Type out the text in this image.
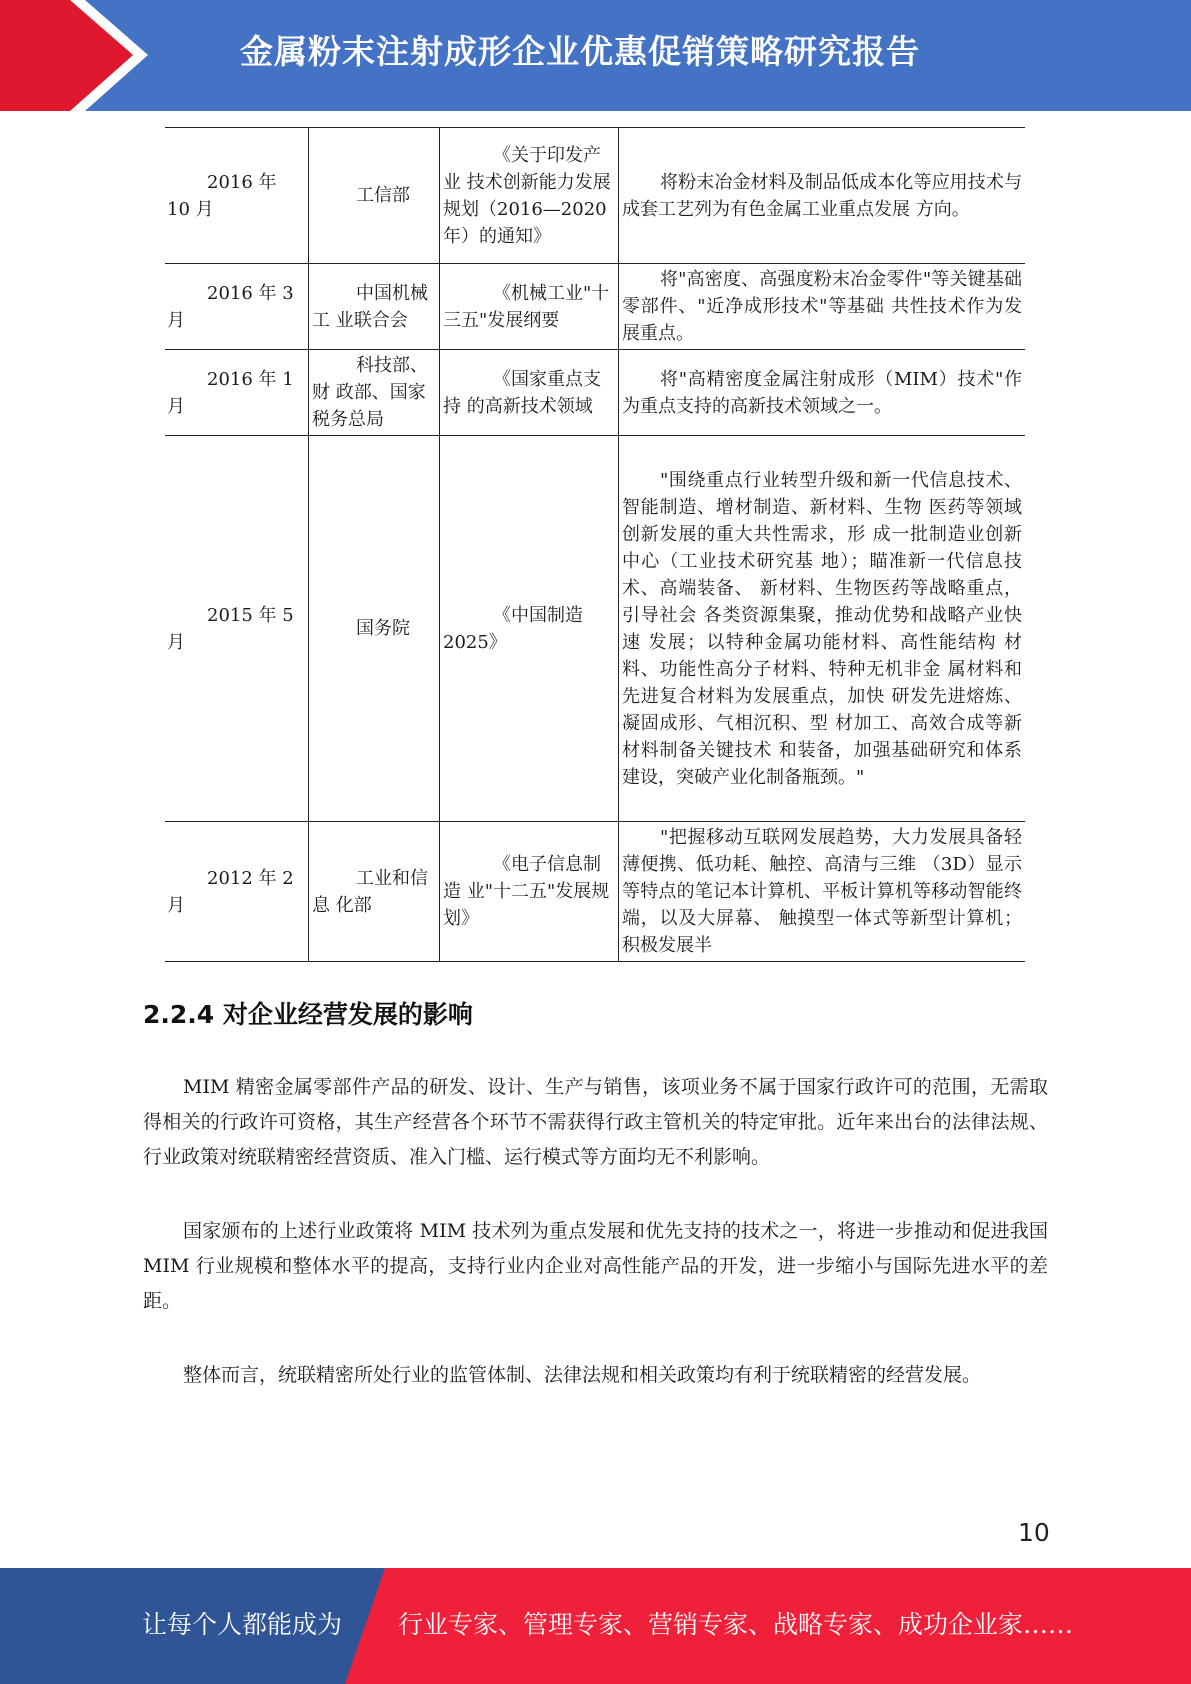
金属粉末注射成形企业优惠促销策略研究报告
2016 年 10 月	工信部	《关于印发产业 技术创新能力发展规划（2016—2020 年）的通知》	将粉末冶金材料及制品低成本化等应用技术与成套工艺列为有色金属工业重点发展 方向。
2016 年 3 月	中国机械工 业联合会	《机械工业"十 三五"发展纲要	将"高密度、高强度粉末冶金零件"等关键基础零部件、"近净成形技术"等基础 共性技术作为发展重点。
2016 年 1 月	科技部、财 政部、国家 税务总局	《国家重点支持 的高新技术领域	将"高精密度金属注射成形（MIM）技术"作为重点支持的高新技术领域之一。
2015 年 5 月	国务院	《中国制造 2025》	"围绕重点行业转型升级和新一代信息技术、智能制造、增材制造、新材料、生物 医药等领域创新发展的重大共性需求，形 成一批制造业创新中心（工业技术研究基 地）；瞄准新一代信息技术、高端装备、 新材料、生物医药等战略重点，引导社会 各类资源集聚，推动优势和战略产业快速 发展；以特种金属功能材料、高性能结构 材料、功能性高分子材料、特种无机非金 属材料和先进复合材料为发展重点，加快 研发先进熔炼、凝固成形、气相沉积、型 材加工、高效合成等新材料制备关键技术 和装备，加强基础研究和体系建设，突破产业化制备瓶颈。"
2012 年 2 月	工业和信息 化部	《电子信息制造 业"十二五"发展规划》	"把握移动互联网发展趋势，大力发展具备轻薄便携、低功耗、触控、高清与三维 （3D）显示等特点的笔记本计算机、平板计算机等移动智能终端，以及大屏幕、 触摸型一体式等新型计算机；积极发展半
2.2.4 对企业经营发展的影响

MIM 精密金属零部件产品的研发、设计、生产与销售，该项业务不属于国家行政许可的范围，无需取得相关的行政许可资格，其生产经营各个环节不需获得行政主管机关的特定审批。近年来出台的法律法规、行业政策对统联精密经营资质、准入门槛、运行模式等方面均无不利影响。

国家颁布的上述行业政策将 MIM 技术列为重点发展和优先支持的技术之一，将进一步推动和促进我国 MIM 行业规模和整体水平的提高，支持行业内企业对高性能产品的开发，进一步缩小与国际先进水平的差距。

整体而言，统联精密所处行业的监管体制、法律法规和相关政策均有利于统联精密的经营发展。

10
让每个人都能成为 行业专家、管理专家、营销专家、战略专家、成功企业家……
